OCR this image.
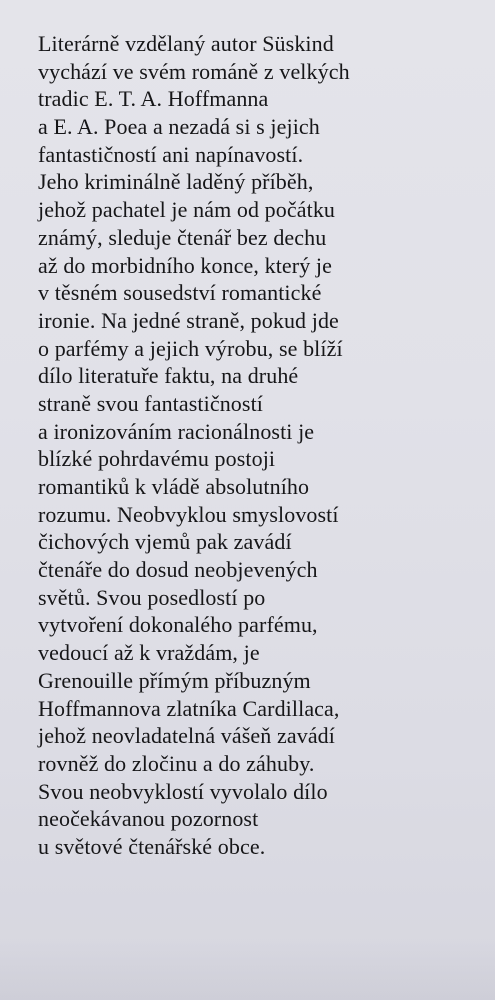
Literárně vzdělaný autor Süskind
vychází ve svém románě z velkých
tradic E. T. A. Hoffmanna
a E. A. Poea a nezadá si s jejich
fantastičností ani napínavostí.
Jeho kriminálně laděný příběh,
jehož pachatel je nám od počátku
známý, sleduje čtenář bez dechu
až do morbidního konce, který je
v těsném sousedství romantické
ironie. Na jedné straně, pokud jde
o parfémy a jejich výrobu, se blíží
dílo literatuře faktu, na druhé
straně svou fantastičností
a ironizováním racionálnosti je
blízké pohrdavému postoji
romantiků k vládě absolutního
rozumu. Neobvyklou smyslovostí
čichových vjemů pak zavádí
čtenáře do dosud neobjevených
světů. Svou posedlostí po
vytvoření dokonalého parfému,
vedoucí až k vraždám, je
Grenouille přímým příbuzným
Hoffmannova zlatníka Cardillaca,
jehož neovladatelná vášeň zavádí
rovněž do zločinu a do záhuby.
Svou neobvyklostí vyvolalo dílo
neočekávanou pozornost
u světové čtenářské obce.
